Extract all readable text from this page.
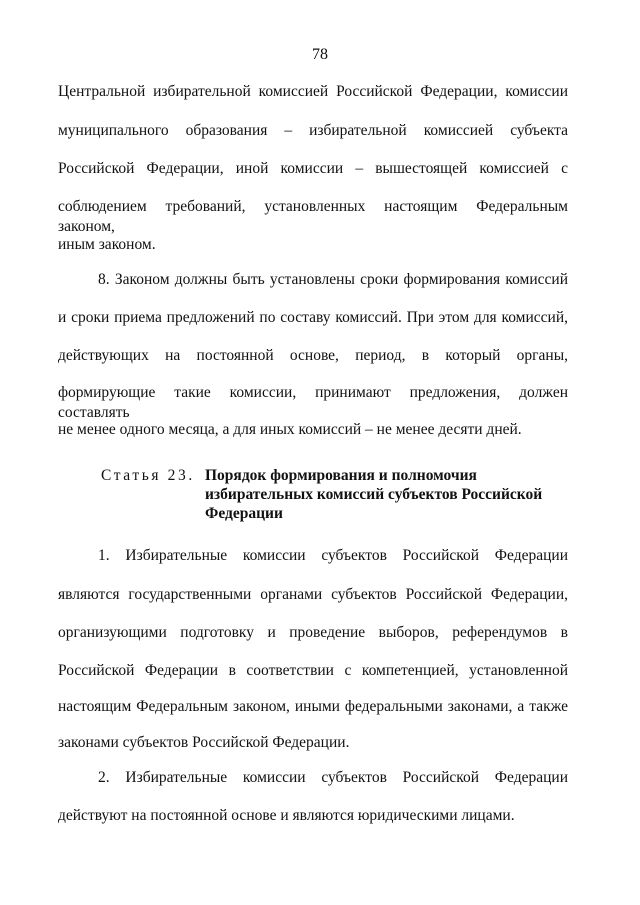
78
Центральной избирательной комиссией Российской Федерации, комиссии
муниципального образования – избирательной комиссией субъекта
Российской Федерации, иной комиссии – вышестоящей комиссией с
соблюдением требований, установленных настоящим Федеральным законом,
иным законом.
8. Законом должны быть установлены сроки формирования комиссий
и сроки приема предложений по составу комиссий. При этом для комиссий,
действующих на постоянной основе, период, в который органы,
формирующие такие комиссии, принимают предложения, должен составлять
не менее одного месяца, а для иных комиссий – не менее десяти дней.
Статья 23. Порядок формирования и полномочия
избирательных комиссий субъектов Российской
Федерации
1. Избирательные комиссии субъектов Российской Федерации
являются государственными органами субъектов Российской Федерации,
организующими подготовку и проведение выборов, референдумов в
Российской Федерации в соответствии с компетенцией, установленной
настоящим Федеральным законом, иными федеральными законами, а также
законами субъектов Российской Федерации.
2. Избирательные комиссии субъектов Российской Федерации
действуют на постоянной основе и являются юридическими лицами.
